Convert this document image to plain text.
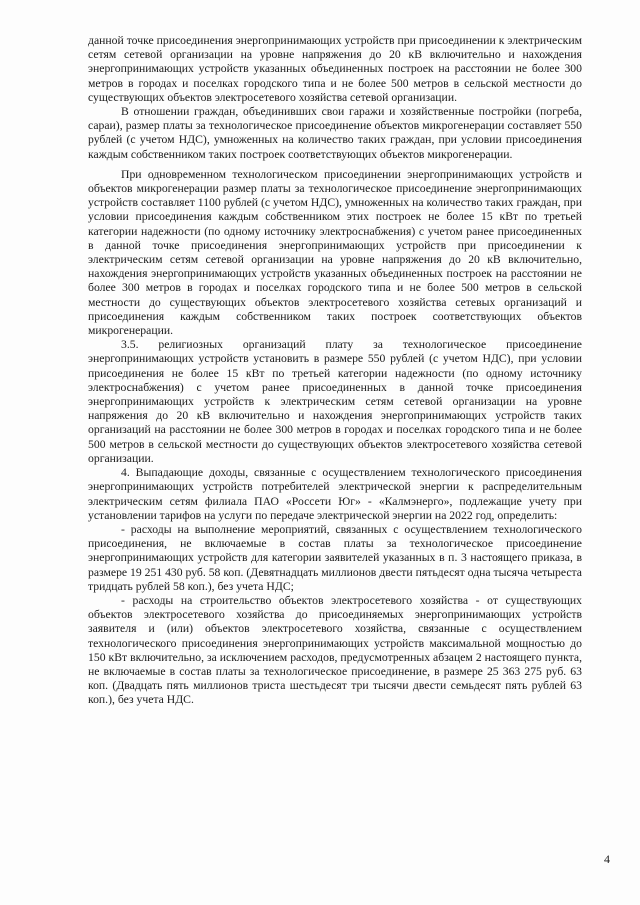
данной точке присоединения энергопринимающих устройств при присоединении к электрическим сетям сетевой организации на уровне напряжения до 20 кВ включительно и нахождения энергопринимающих устройств указанных объединенных построек на расстоянии не более 300 метров в городах и поселках городского типа и не более 500 метров в сельской местности до существующих объектов электросетевого хозяйства сетевой организации.

В отношении граждан, объединивших свои гаражи и хозяйственные постройки (погреба, сараи), размер платы за технологическое присоединение объектов микрогенерации составляет 550 рублей (с учетом НДС), умноженных на количество таких граждан, при условии присоединения каждым собственником таких построек соответствующих объектов микрогенерации.

При одновременном технологическом присоединении энергопринимающих устройств и объектов микрогенерации размер платы за технологическое присоединение энергопринимающих устройств составляет 1100 рублей (с учетом НДС), умноженных на количество таких граждан, при условии присоединения каждым собственником этих построек не более 15 кВт по третьей категории надежности (по одному источнику электроснабжения) с учетом ранее присоединенных в данной точке присоединения энергопринимающих устройств при присоединении к электрическим сетям сетевой организации на уровне напряжения до 20 кВ включительно, нахождения энергопринимающих устройств указанных объединенных построек на расстоянии не более 300 метров в городах и поселках городского типа и не более 500 метров в сельской местности до существующих объектов электросетевого хозяйства сетевых организаций и присоединения каждым собственником таких построек соответствующих объектов микрогенерации.

3.5. религиозных организаций плату за технологическое присоединение энергопринимающих устройств установить в размере 550 рублей (с учетом НДС), при условии присоединения не более 15 кВт по третьей категории надежности (по одному источнику электроснабжения) с учетом ранее присоединенных в данной точке присоединения энергопринимающих устройств к электрическим сетям сетевой организации на уровне напряжения до 20 кВ включительно и нахождения энергопринимающих устройств таких организаций на расстоянии не более 300 метров в городах и поселках городского типа и не более 500 метров в сельской местности до существующих объектов электросетевого хозяйства сетевой организации.

4. Выпадающие доходы, связанные с осуществлением технологического присоединения энергопринимающих устройств потребителей электрической энергии к распределительным электрическим сетям филиала ПАО «Россети Юг» - «Калмэнерго», подлежащие учету при установлении тарифов на услуги по передаче электрической энергии на 2022 год, определить:

- расходы на выполнение мероприятий, связанных с осуществлением технологического присоединения, не включаемые в состав платы за технологическое присоединение энергопринимающих устройств для категории заявителей указанных в п. 3 настоящего приказа, в размере 19 251 430 руб. 58 коп. (Девятнадцать миллионов двести пятьдесят одна тысяча четыреста тридцать рублей 58 коп.), без учета НДС;

- расходы на строительство объектов электросетевого хозяйства - от существующих объектов электросетевого хозяйства до присоединяемых энергопринимающих устройств заявителя и (или) объектов электросетевого хозяйства, связанные с осуществлением технологического присоединения энергопринимающих устройств максимальной мощностью до 150 кВт включительно, за исключением расходов, предусмотренных абзацем 2 настоящего пункта, не включаемые в состав платы за технологическое присоединение, в размере 25 363 275 руб. 63 коп. (Двадцать пять миллионов триста шестьдесят три тысячи двести семьдесят пять рублей 63 коп.), без учета НДС.

4
